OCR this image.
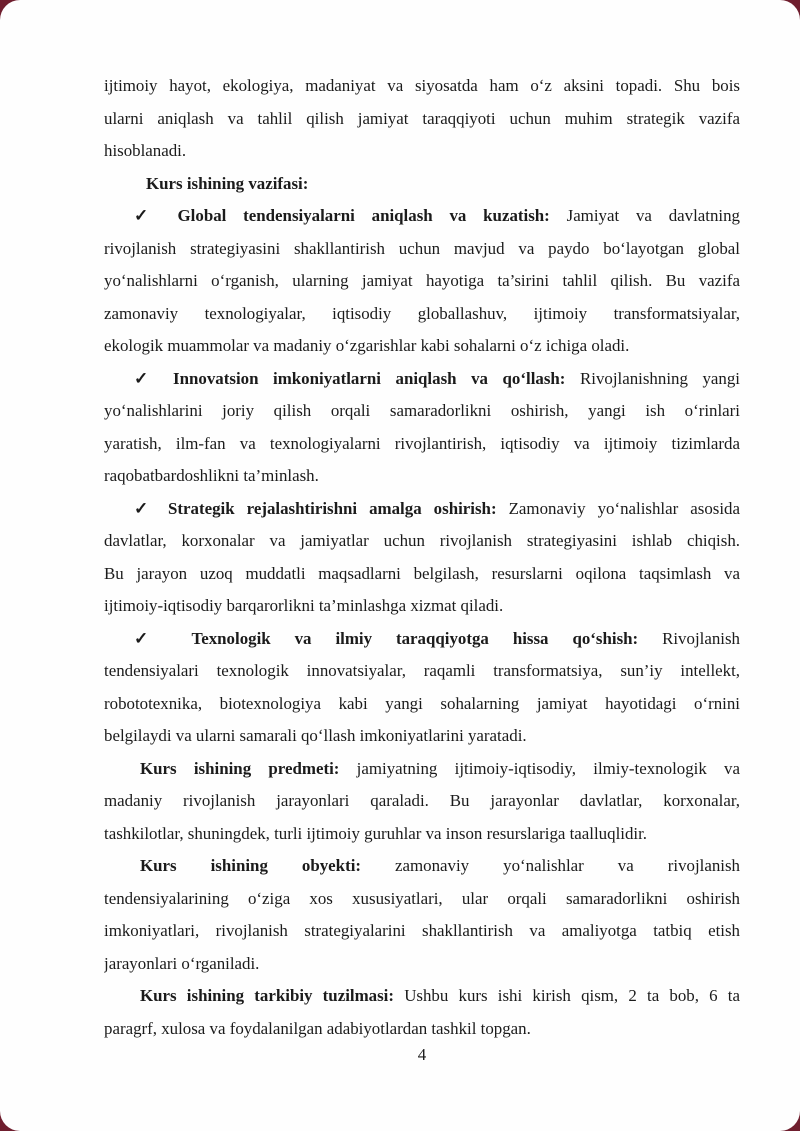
ijtimoiy hayot, ekologiya, madaniyat va siyosatda ham o‘z aksini topadi. Shu bois
ularni aniqlash va tahlil qilish jamiyat taraqqiyoti uchun muhim strategik vazifa
hisoblanadi.
Kurs ishining vazifasi:
✓ Global tendensiyalarni aniqlash va kuzatish: Jamiyat va davlatning
rivojlanish strategiyasini shakllantirish uchun mavjud va paydo bo‘layotgan global
yo‘nalishlarni o‘rganish, ularning jamiyat hayotiga ta’sirini tahlil qilish. Bu vazifa
zamonaviy texnologiyalar, iqtisodiy globallashuv, ijtimoiy transformatsiyalar,
ekologik muammolar va madaniy o‘zgarishlar kabi sohalarni o‘z ichiga oladi.
✓ Innovatsion imkoniyatlarni aniqlash va qo‘llash: Rivojlanishning yangi
yo‘nalishlarini joriy qilish orqali samaradorlikni oshirish, yangi ish o‘rinlari
yaratish, ilm-fan va texnologiyalarni rivojlantirish, iqtisodiy va ijtimoiy tizimlarda
raqobatbardoshlikni ta’minlash.
✓ Strategik rejalashtirishni amalga oshirish: Zamonaviy yo‘nalishlar asosida
davlatlar, korxonalar va jamiyatlar uchun rivojlanish strategiyasini ishlab chiqish.
Bu jarayon uzoq muddatli maqsadlarni belgilash, resurslarni oqilona taqsimlash va
ijtimoiy-iqtisodiy barqarorlikni ta’minlashga xizmat qiladi.
✓ Texnologik va ilmiy taraqqiyotga hissa qo‘shish: Rivojlanish
tendensiyalari texnologik innovatsiyalar, raqamli transformatsiya, sun’iy intellekt,
robototexnika, biotexnologiya kabi yangi sohalarning jamiyat hayotidagi o‘rnini
belgilaydi va ularni samarali qo‘llash imkoniyatlarini yaratadi.
Kurs ishining predmeti: jamiyatning ijtimoiy-iqtisodiy, ilmiy-texnologik va
madaniy rivojlanish jarayonlari qaraladi. Bu jarayonlar davlatlar, korxonalar,
tashkilotlar, shuningdek, turli ijtimoiy guruhlar va inson resurslariga taalluqlidir.
Kurs ishining obyekti: zamonaviy yo‘nalishlar va rivojlanish
tendensiyalarining o‘ziga xos xususiyatlari, ular orqali samaradorlikni oshirish
imkoniyatlari, rivojlanish strategiyalarini shakllantirish va amaliyotga tatbiq etish
jarayonlari o‘rganiladi.
Kurs ishining tarkibiy tuzilmasi: Ushbu kurs ishi kirish qism, 2 ta bob, 6 ta
paragrf, xulosa va foydalanilgan adabiyotlardan tashkil topgan.
4
